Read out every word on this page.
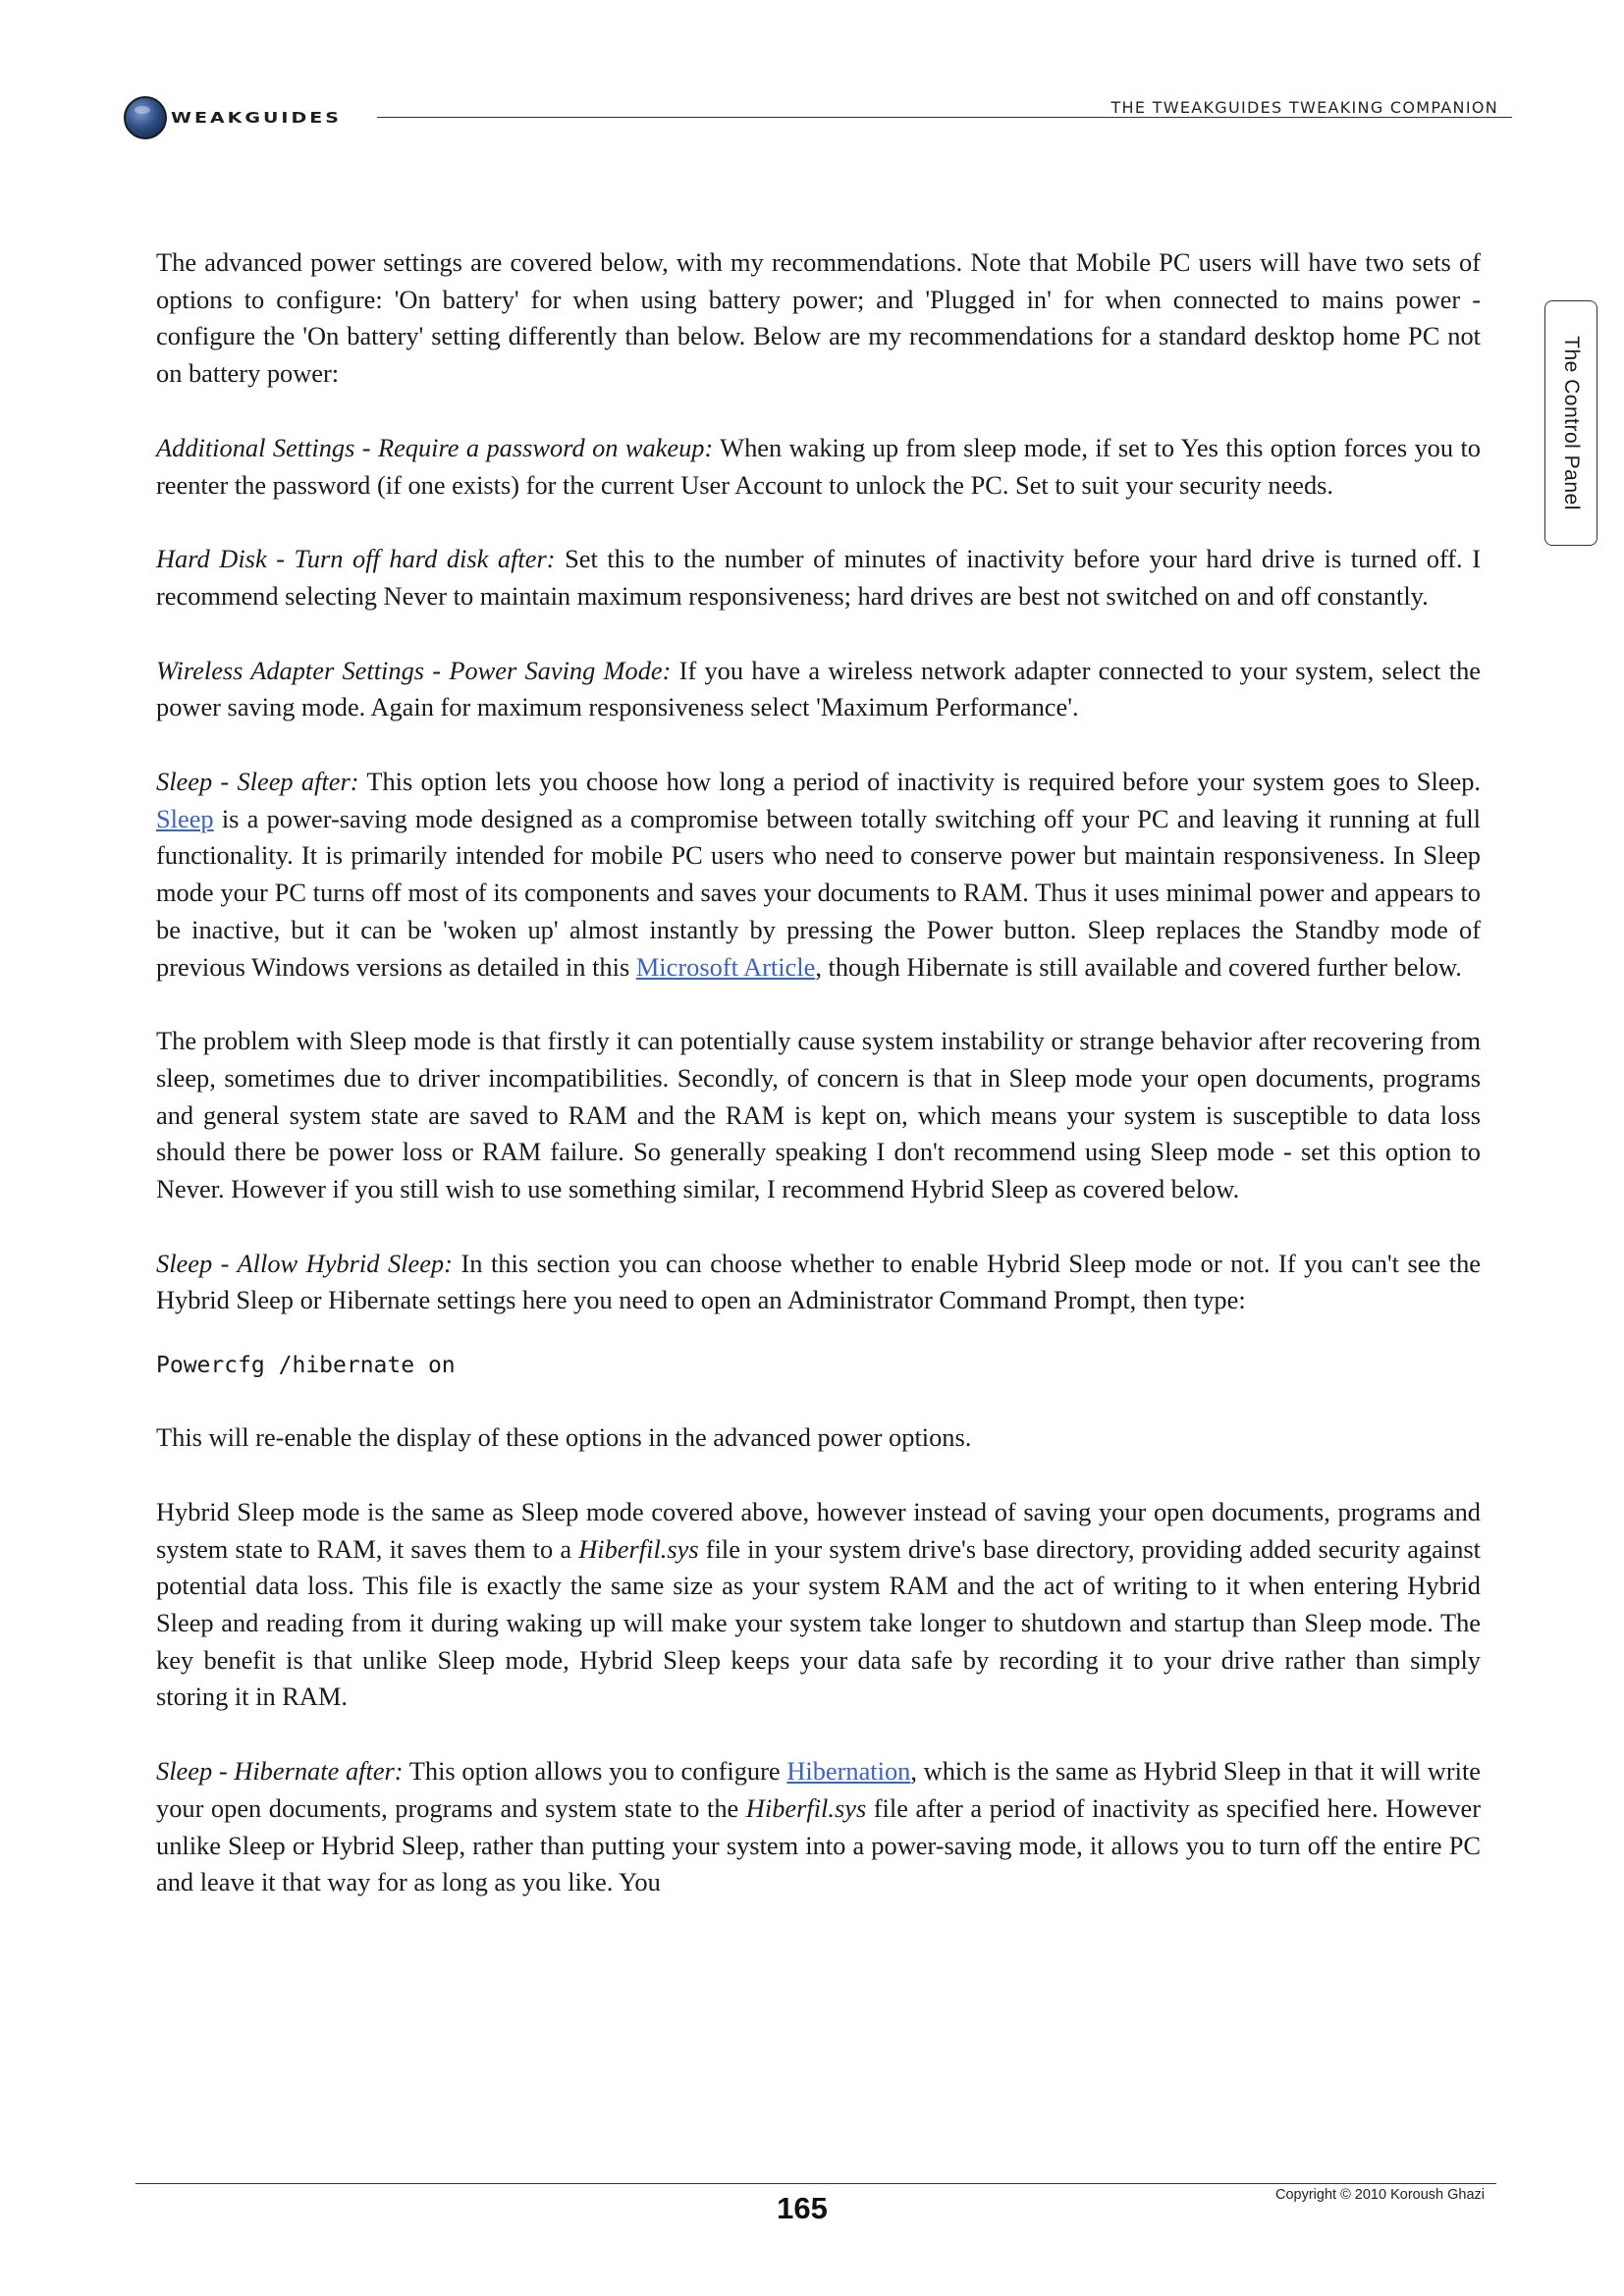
WEAKGUIDES
THE TWEAKGUIDES TWEAKING COMPANION
The Control Panel

The advanced power settings are covered below, with my recommendations. Note that Mobile PC users will have two sets of options to configure: 'On battery' for when using battery power; and 'Plugged in' for when connected to mains power - configure the 'On battery' setting differently than below. Below are my recommendations for a standard desktop home PC not on battery power:

Additional Settings - Require a password on wakeup: When waking up from sleep mode, if set to Yes this option forces you to reenter the password (if one exists) for the current User Account to unlock the PC. Set to suit your security needs.

Hard Disk - Turn off hard disk after: Set this to the number of minutes of inactivity before your hard drive is turned off. I recommend selecting Never to maintain maximum responsiveness; hard drives are best not switched on and off constantly.

Wireless Adapter Settings - Power Saving Mode: If you have a wireless network adapter connected to your system, select the power saving mode. Again for maximum responsiveness select 'Maximum Performance'.

Sleep - Sleep after: This option lets you choose how long a period of inactivity is required before your system goes to Sleep. Sleep is a power-saving mode designed as a compromise between totally switching off your PC and leaving it running at full functionality. It is primarily intended for mobile PC users who need to conserve power but maintain responsiveness. In Sleep mode your PC turns off most of its components and saves your documents to RAM. Thus it uses minimal power and appears to be inactive, but it can be 'woken up' almost instantly by pressing the Power button. Sleep replaces the Standby mode of previous Windows versions as detailed in this Microsoft Article, though Hibernate is still available and covered further below.

The problem with Sleep mode is that firstly it can potentially cause system instability or strange behavior after recovering from sleep, sometimes due to driver incompatibilities. Secondly, of concern is that in Sleep mode your open documents, programs and general system state are saved to RAM and the RAM is kept on, which means your system is susceptible to data loss should there be power loss or RAM failure. So generally speaking I don't recommend using Sleep mode - set this option to Never. However if you still wish to use something similar, I recommend Hybrid Sleep as covered below.

Sleep - Allow Hybrid Sleep: In this section you can choose whether to enable Hybrid Sleep mode or not. If you can't see the Hybrid Sleep or Hibernate settings here you need to open an Administrator Command Prompt, then type:

Powercfg /hibernate on

This will re-enable the display of these options in the advanced power options.

Hybrid Sleep mode is the same as Sleep mode covered above, however instead of saving your open documents, programs and system state to RAM, it saves them to a Hiberfil.sys file in your system drive's base directory, providing added security against potential data loss. This file is exactly the same size as your system RAM and the act of writing to it when entering Hybrid Sleep and reading from it during waking up will make your system take longer to shutdown and startup than Sleep mode. The key benefit is that unlike Sleep mode, Hybrid Sleep keeps your data safe by recording it to your drive rather than simply storing it in RAM.

Sleep - Hibernate after: This option allows you to configure Hibernation, which is the same as Hybrid Sleep in that it will write your open documents, programs and system state to the Hiberfil.sys file after a period of inactivity as specified here. However unlike Sleep or Hybrid Sleep, rather than putting your system into a power-saving mode, it allows you to turn off the entire PC and leave it that way for as long as you like. You

Copyright © 2010 Koroush Ghazi
165
